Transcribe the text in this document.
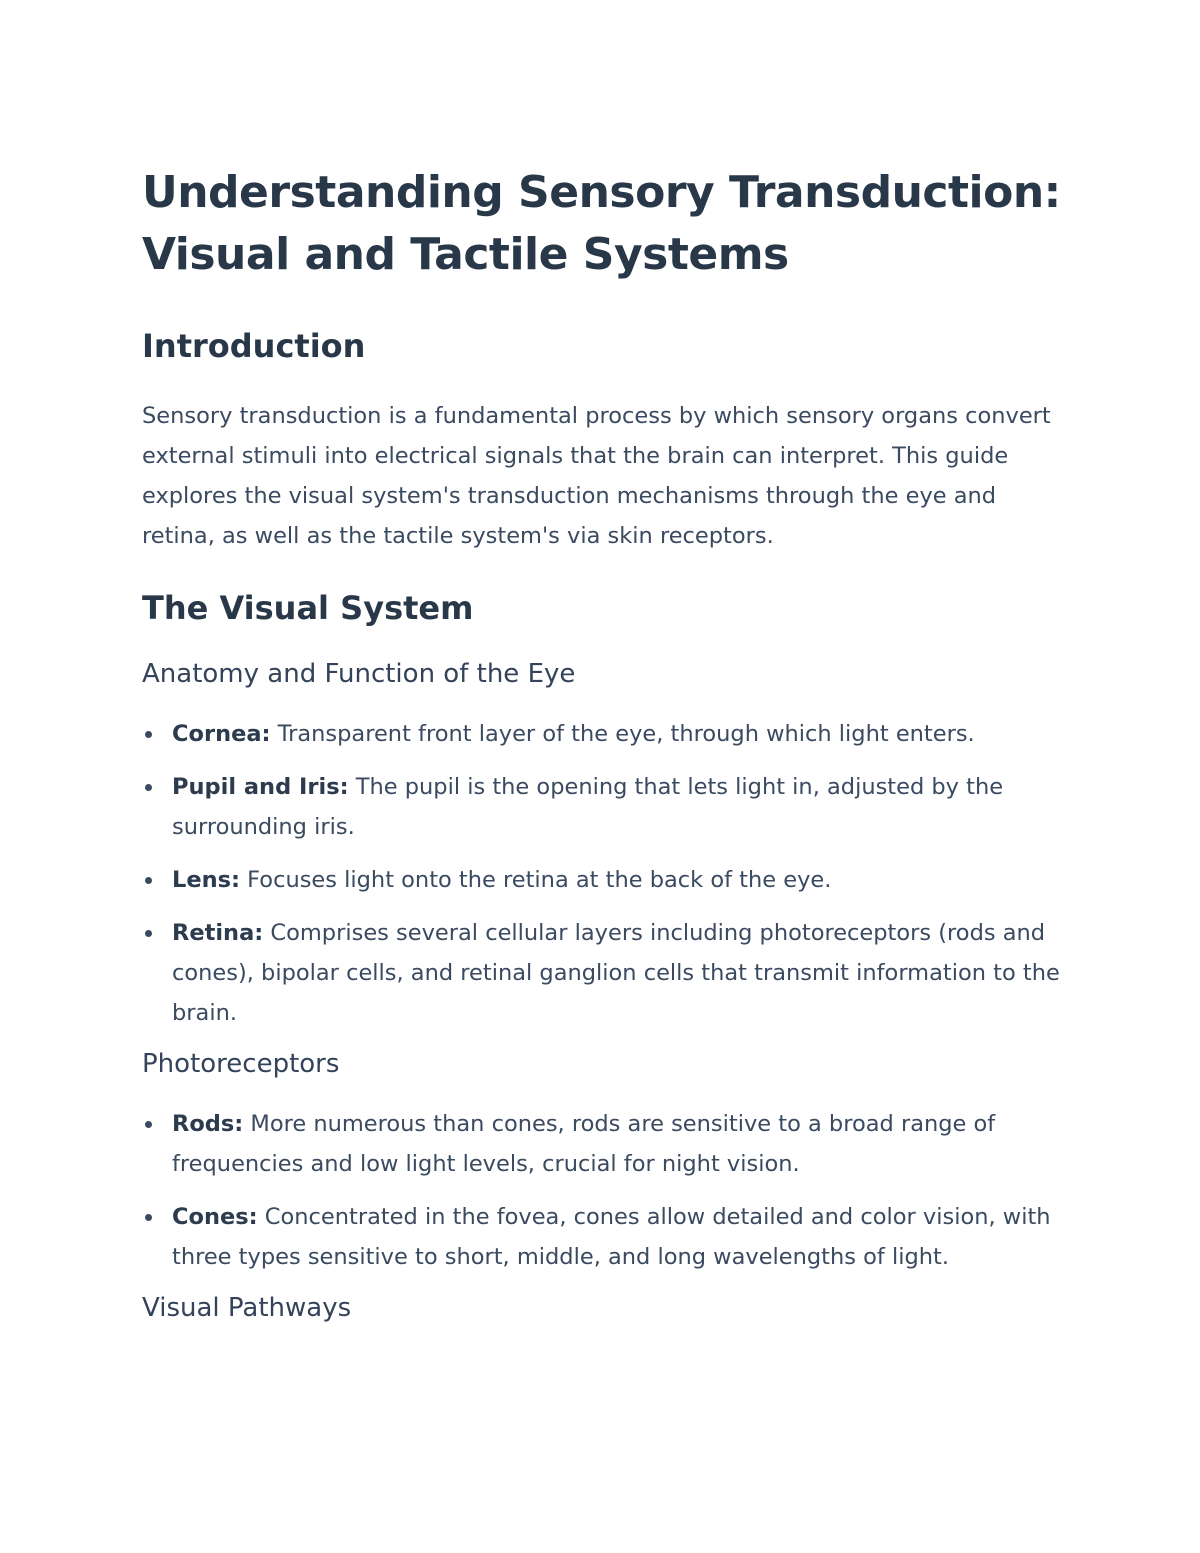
Understanding Sensory Transduction: Visual and Tactile Systems
Introduction

Sensory transduction is a fundamental process by which sensory organs convert external stimuli into electrical signals that the brain can interpret. This guide explores the visual system's transduction mechanisms through the eye and retina, as well as the tactile system's via skin receptors.

The Visual System
Anatomy and Function of the Eye
Cornea: Transparent front layer of the eye, through which light enters.
Pupil and Iris: The pupil is the opening that lets light in, adjusted by the surrounding iris.
Lens: Focuses light onto the retina at the back of the eye.
Retina: Comprises several cellular layers including photoreceptors (rods and cones), bipolar cells, and retinal ganglion cells that transmit information to the brain.
Photoreceptors
Rods: More numerous than cones, rods are sensitive to a broad range of frequencies and low light levels, crucial for night vision.
Cones: Concentrated in the fovea, cones allow detailed and color vision, with three types sensitive to short, middle, and long wavelengths of light.
Visual Pathways
